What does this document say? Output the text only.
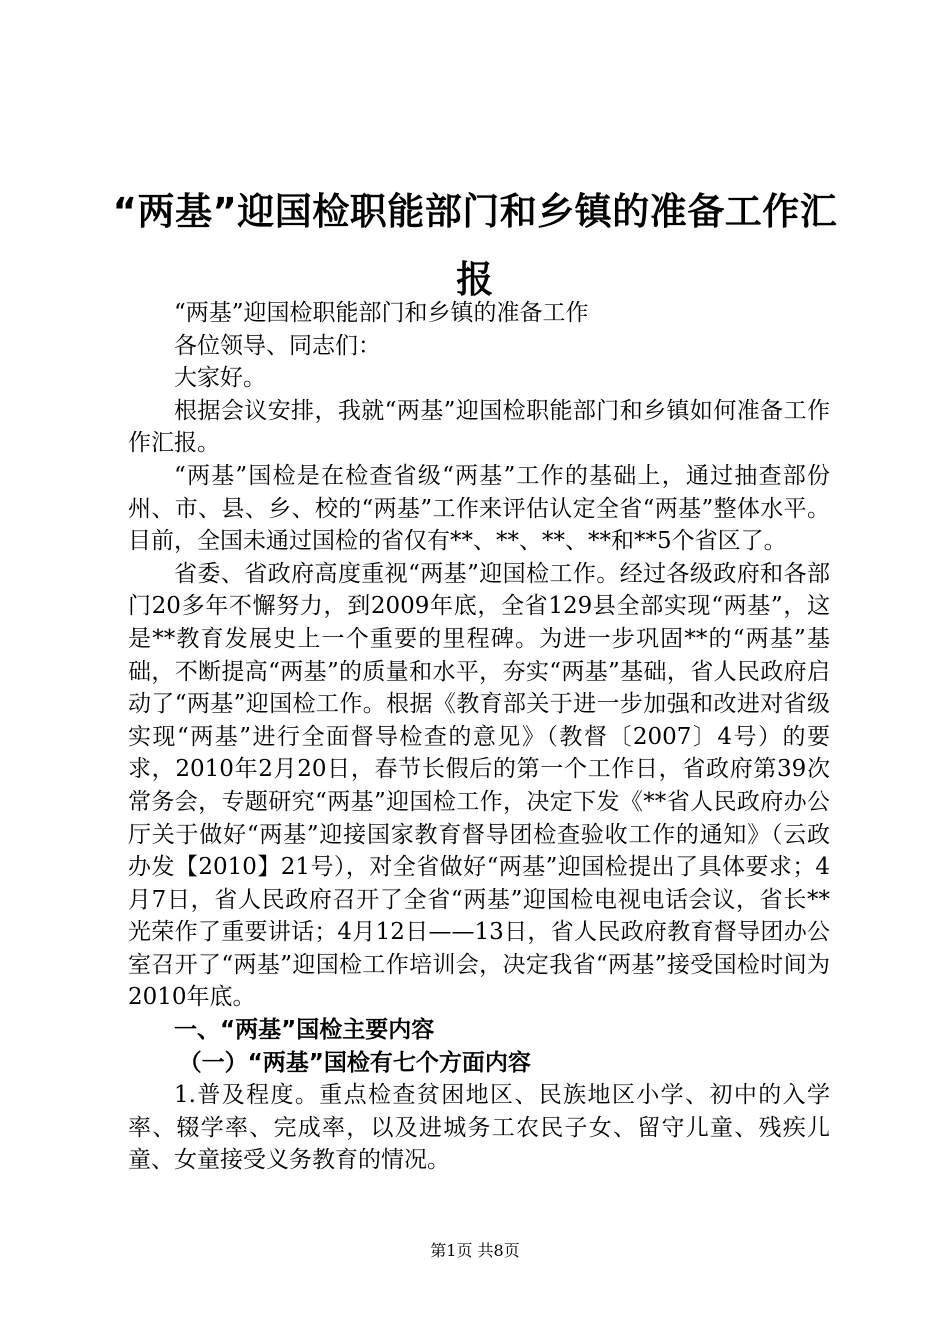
“两基”迎国检职能部门和乡镇的准备工作汇报

“两基”迎国检职能部门和乡镇的准备工作

各位领导、同志们：

大家好。

根据会议安排，我就“两基”迎国检职能部门和乡镇如何准备工作作汇报。

“两基”国检是在检查省级“两基”工作的基础上，通过抽查部份州、市、县、乡、校的“两基”工作来评估认定全省“两基”整体水平。目前，全国未通过国检的省仅有**、**、**、**和**5个省区了。

省委、省政府高度重视“两基”迎国检工作。经过各级政府和各部门20多年不懈努力，到2009年底，全省129县全部实现“两基”，这是**教育发展史上一个重要的里程碑。为进一步巩固**的“两基”基础，不断提高“两基”的质量和水平，夯实“两基”基础，省人民政府启动了“两基”迎国检工作。根据《教育部关于进一步加强和改进对省级实现“两基”进行全面督导检查的意见》（教督〔2007〕4号）的要求，2010年2月20日，春节长假后的第一个工作日，省政府第39次常务会，专题研究“两基”迎国检工作，决定下发《**省人民政府办公厅关于做好“两基”迎接国家教育督导团检查验收工作的通知》（云政办发【2010】21号），对全省做好“两基”迎国检提出了具体要求；4月7日，省人民政府召开了全省“两基”迎国检电视电话会议，省长**光荣作了重要讲话；4月12日——13日，省人民政府教育督导团办公室召开了“两基”迎国检工作培训会，决定我省“两基”接受国检时间为2010年底。

一、“两基”国检主要内容

（一）“两基”国检有七个方面内容

1.普及程度。重点检查贫困地区、民族地区小学、初中的入学率、辍学率、完成率，以及进城务工农民子女、留守儿童、残疾儿童、女童接受义务教育的情况。

第1页 共8页
